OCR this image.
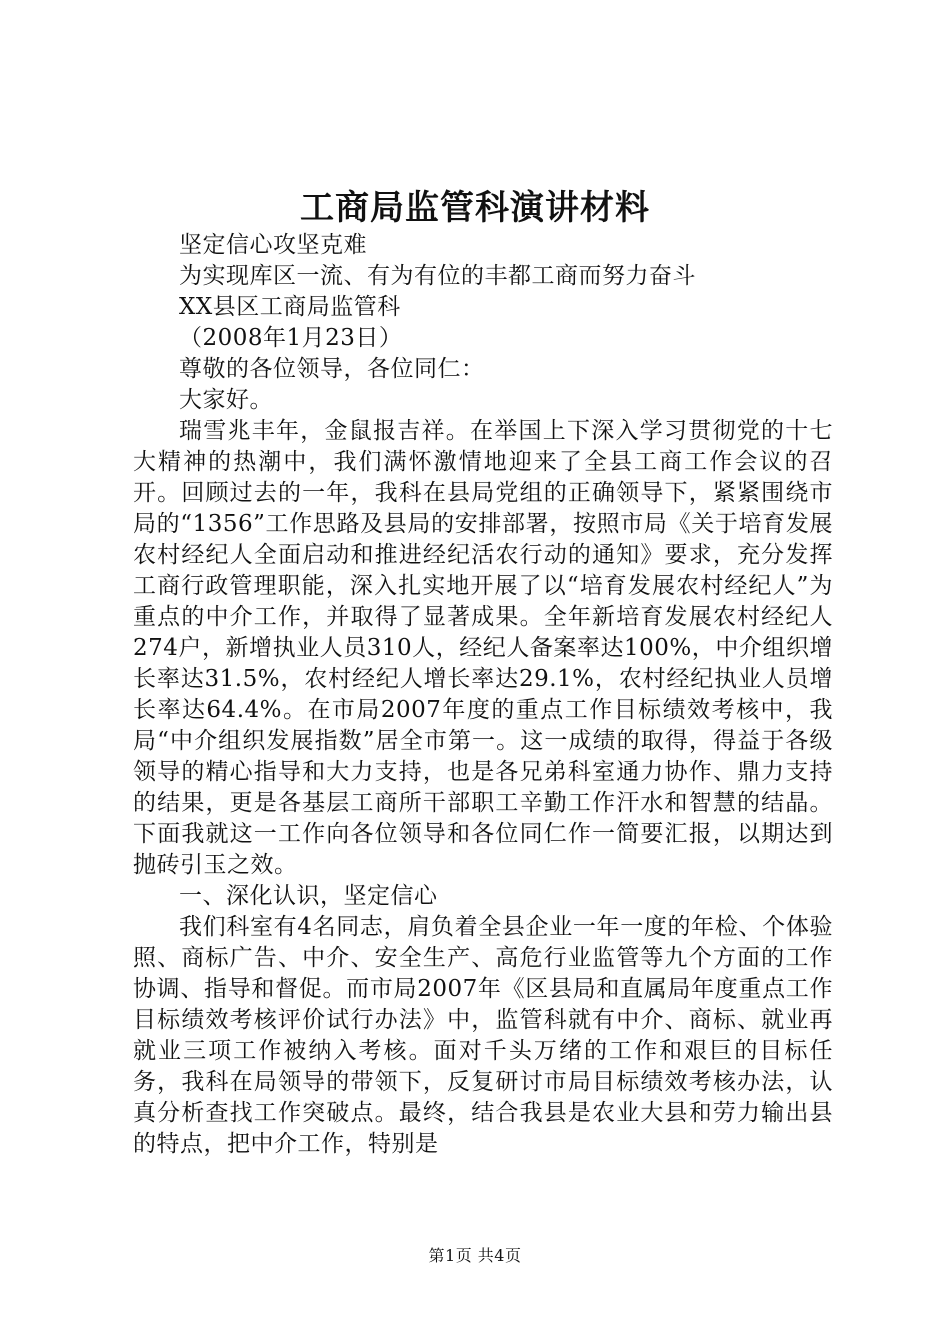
工商局监管科演讲材料

坚定信心攻坚克难

为实现库区一流、有为有位的丰都工商而努力奋斗

XX县区工商局监管科

（2008年1月23日）

尊敬的各位领导，各位同仁：

大家好。

瑞雪兆丰年，金鼠报吉祥。在举国上下深入学习贯彻党的十七大精神的热潮中，我们满怀激情地迎来了全县工商工作会议的召开。回顾过去的一年，我科在县局党组的正确领导下，紧紧围绕市局的“1356”工作思路及县局的安排部署，按照市局《关于培育发展农村经纪人全面启动和推进经纪活农行动的通知》要求，充分发挥工商行政管理职能，深入扎实地开展了以“培育发展农村经纪人”为重点的中介工作，并取得了显著成果。全年新培育发展农村经纪人274户，新增执业人员310人，经纪人备案率达100%，中介组织增长率达31.5%，农村经纪人增长率达29.1%，农村经纪执业人员增长率达64.4%。在市局2007年度的重点工作目标绩效考核中，我局“中介组织发展指数”居全市第一。这一成绩的取得，得益于各级领导的精心指导和大力支持，也是各兄弟科室通力协作、鼎力支持的结果，更是各基层工商所干部职工辛勤工作汗水和智慧的结晶。下面我就这一工作向各位领导和各位同仁作一简要汇报，以期达到抛砖引玉之效。

一、深化认识，坚定信心

我们科室有4名同志，肩负着全县企业一年一度的年检、个体验照、商标广告、中介、安全生产、高危行业监管等九个方面的工作协调、指导和督促。而市局2007年《区县局和直属局年度重点工作目标绩效考核评价试行办法》中，监管科就有中介、商标、就业再就业三项工作被纳入考核。面对千头万绪的工作和艰巨的目标任务，我科在局领导的带领下，反复研讨市局目标绩效考核办法，认真分析查找工作突破点。最终，结合我县是农业大县和劳力输出县的特点，把中介工作，特别是

第1页 共4页
